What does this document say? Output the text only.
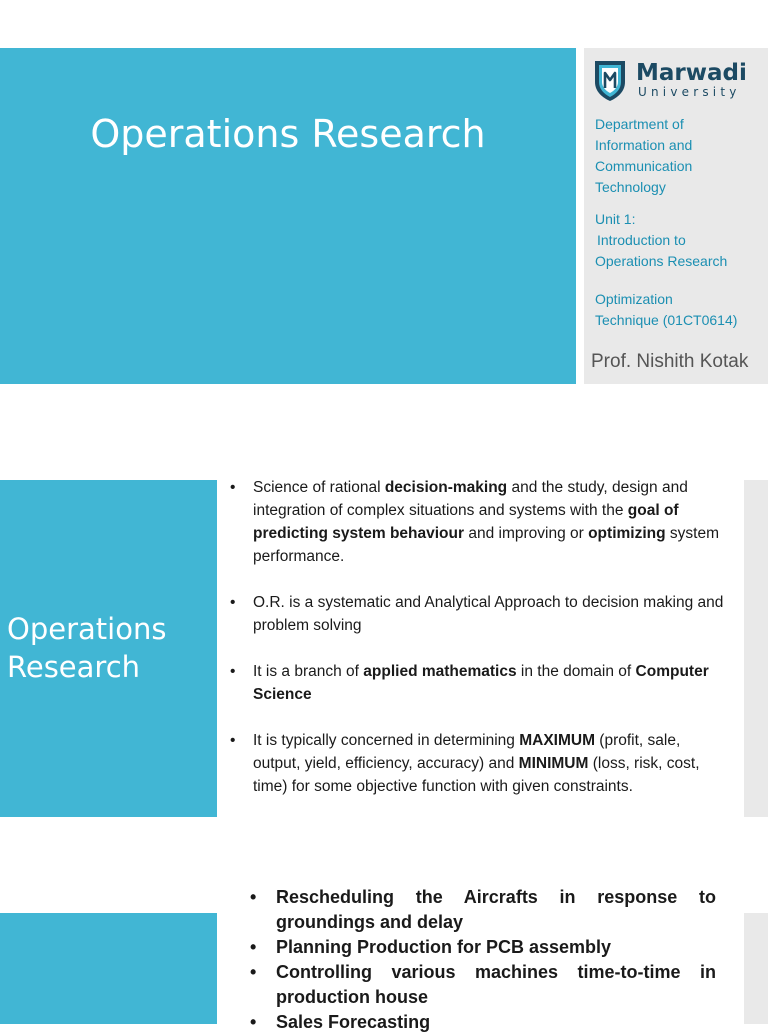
Operations Research
Marwadi
University
Department of
Information and
Communication
Technology
Unit 1:
Introduction to
Operations Research
Optimization
Technique (01CT0614)
Prof. Nishith Kotak
Operations
Research
• Science of rational decision-making and the study, design and integration of complex situations and systems with the goal of predicting system behaviour and improving or optimizing system performance.
• O.R. is a systematic and Analytical Approach to decision making and problem solving
• It is a branch of applied mathematics in the domain of Computer Science
• It is typically concerned in determining MAXIMUM (profit, sale, output, yield, efficiency, accuracy) and MINIMUM (loss, risk, cost, time) for some objective function with given constraints.
• Rescheduling the Aircrafts in response to groundings and delay
• Planning Production for PCB assembly
• Controlling various machines time-to-time in production house
• Sales Forecasting
